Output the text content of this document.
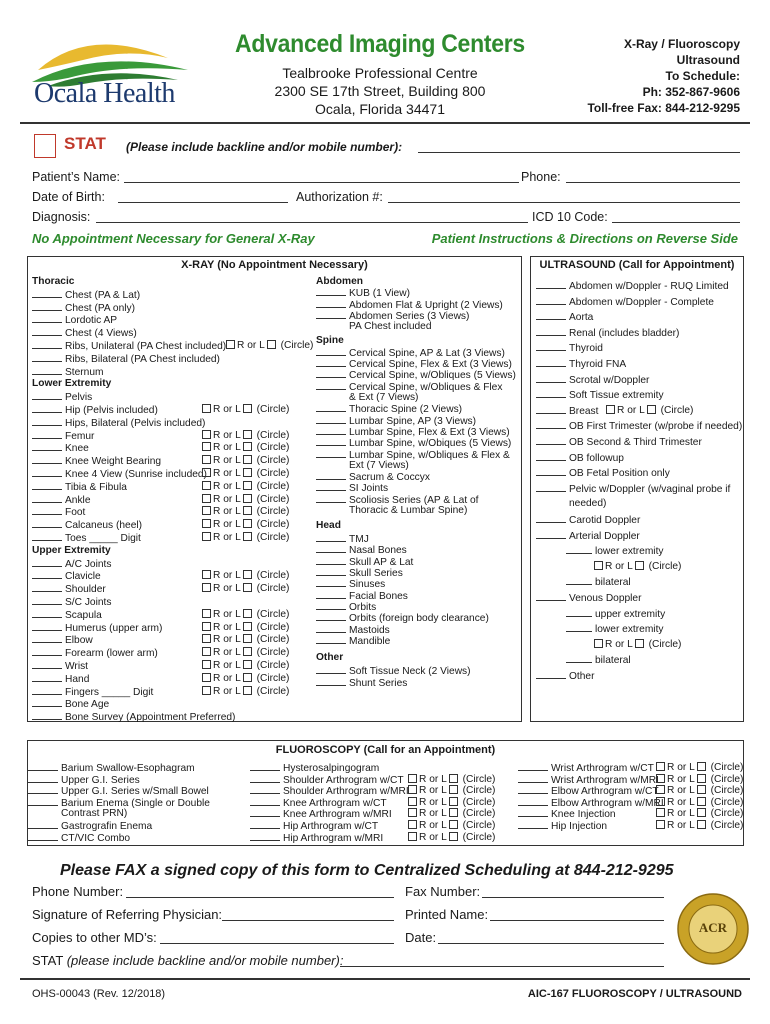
Ocala Health
Advanced Imaging Centers
Tealbrooke Professional Centre
2300 SE 17th Street, Building 800
Ocala, Florida 34471
X-Ray / Fluoroscopy
Ultrasound
To Schedule:
Ph: 352-867-9606
Toll-free Fax: 844-212-9295
STAT (Please include backline and/or mobile number):
Patient’s Name:	Phone:
Date of Birth:	Authorization #:
Diagnosis:	ICD 10 Code:
No Appointment Necessary for General X-Ray	Patient Instructions & Directions on Reverse Side
X-RAY (No Appointment Necessary)
Thoracic
Chest (PA & Lat)
Chest (PA only)
Lordotic AP
Chest (4 Views)
Ribs, Unilateral (PA Chest included)	R or L (Circle)
Ribs, Bilateral (PA Chest included)
Sternum
Lower Extremity
Pelvis
Hip (Pelvis included)	R or L (Circle)
Hips, Bilateral (Pelvis included)
Femur	R or L (Circle)
Knee	R or L (Circle)
Knee Weight Bearing	R or L (Circle)
Knee 4 View (Sunrise included) R or L (Circle)
Tibia & Fibula	R or L (Circle)
Ankle	R or L (Circle)
Foot	R or L (Circle)
Calcaneus (heel)	R or L (Circle)
Toes _____ Digit	R or L (Circle)
Upper Extremity
A/C Joints
Clavicle	R or L (Circle)
Shoulder	R or L (Circle)
S/C Joints
Scapula	R or L (Circle)
Humerus (upper arm)	R or L (Circle)
Elbow	R or L (Circle)
Forearm (lower arm)	R or L (Circle)
Wrist	R or L (Circle)
Hand	R or L (Circle)
Fingers _____ Digit	R or L (Circle)
Bone Age
Bone Survey (Appointment Preferred)
Abdomen
KUB (1 View)
Abdomen Flat & Upright (2 Views)
Abdomen Series (3 Views)
PA Chest included
Spine
Cervical Spine, AP & Lat (3 Views)
Cervical Spine, Flex & Ext (3 Views)
Cervical Spine, w/Obliques (5 Views)
Cervical Spine, w/Obliques & Flex
& Ext (7 Views)
Thoracic Spine (2 Views)
Lumbar Spine, AP (3 Views)
Lumbar Spine, Flex & Ext (3 Views)
Lumbar Spine, w/Obiques (5 Views)
Lumbar Spine, w/Obliques & Flex &
Ext (7 Views)
Sacrum & Coccyx
SI Joints
Scoliosis Series (AP & Lat of
Thoracic & Lumbar Spine)
Head
TMJ
Nasal Bones
Skull AP & Lat
Skull Series
Sinuses
Facial Bones
Orbits
Orbits (foreign body clearance)
Mastoids
Mandible
Other
Soft Tissue Neck (2 Views)
Shunt Series
ULTRASOUND (Call for Appointment)
Abdomen w/Doppler - RUQ Limited
Abdomen w/Doppler - Complete
Aorta
Renal (includes bladder)
Thyroid
Thyroid FNA
Scrotal w/Doppler
Soft Tissue extremity
Breast	R or L (Circle)
OB First Trimester (w/probe if needed)
OB Second & Third Trimester
OB followup
OB Fetal Position only
Pelvic w/Doppler (w/vaginal probe if
needed)
Carotid Doppler
Arterial Doppler
lower extremity
R or L (Circle)
bilateral
Venous Doppler
upper extremity
lower extremity
R or L (Circle)
bilateral
Other
FLUOROSCOPY (Call for an Appointment)
Barium Swallow-Esophagram
Upper G.I. Series
Upper G.I. Series w/Small Bowel
Barium Enema (Single or Double
Contrast PRN)
Gastrografin Enema
CT/VIC Combo
Hysterosalpingogram
Shoulder Arthrogram w/CT	R or L (Circle)
Shoulder Arthrogram w/MRI	R or L (Circle)
Knee Arthrogram w/CT	R or L (Circle)
Knee Arthrogram w/MRI	R or L (Circle)
Hip Arthrogram w/CT	R or L (Circle)
Hip Arthrogram w/MRI	R or L (Circle)
Wrist Arthrogram w/CT	R or L (Circle)
Wrist Arthrogram w/MRI R or L (Circle)
Elbow Arthrogram w/CT R or L (Circle)
Elbow Arthrogram w/MRI R or L (Circle)
Knee Injection	R or L (Circle)
Hip Injection	R or L (Circle)
Please FAX a signed copy of this form to Centralized Scheduling at 844-212-9295
Phone Number:	Fax Number:
Signature of Referring Physician:	Printed Name:
Copies to other MD’s:	Date:
STAT (please include backline and/or mobile number):
ACR
OHS-00043 (Rev. 12/2018)	AIC-167 FLUOROSCOPY / ULTRASOUND
